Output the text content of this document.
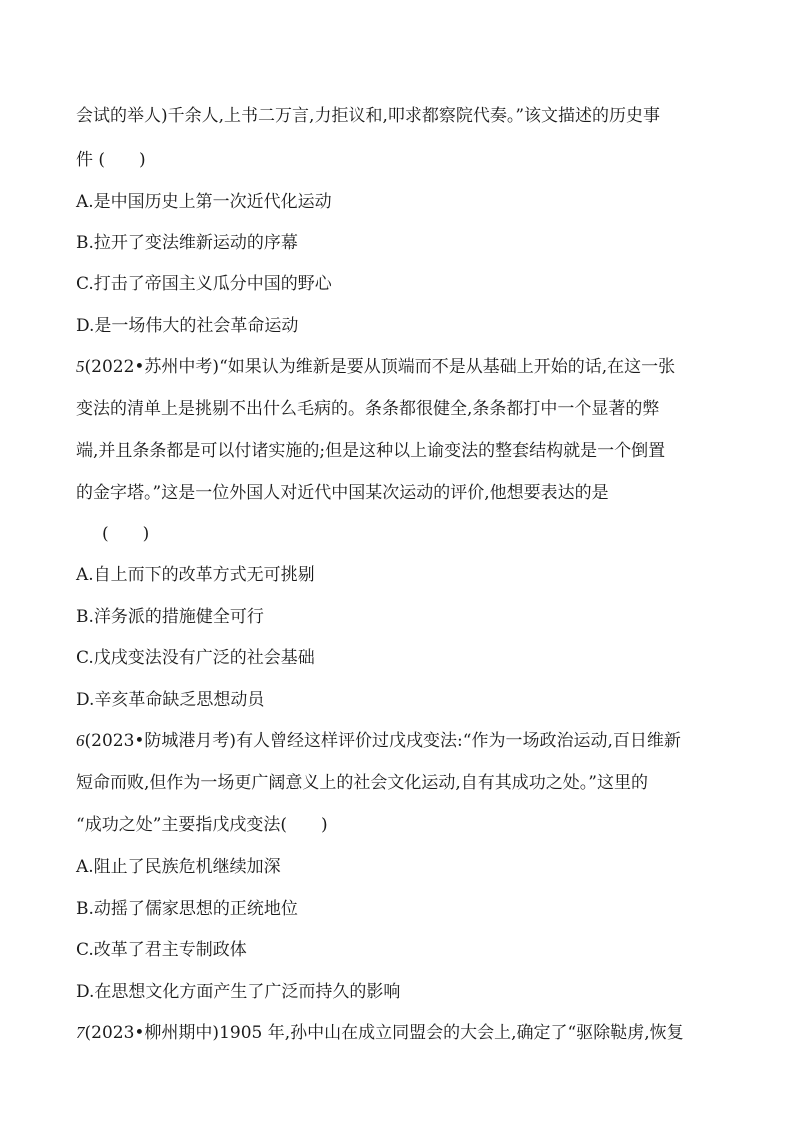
会试的举人)千余人,上书二万言,力拒议和,叩求都察院代奏。”该文描述的历史事
件 (　　)
A.是中国历史上第一次近代化运动
B.拉开了变法维新运动的序幕
C.打击了帝国主义瓜分中国的野心
D.是一场伟大的社会革命运动
5(2022•苏州中考)“如果认为维新是要从顶端而不是从基础上开始的话,在这一张
变法的清单上是挑剔不出什么毛病的。条条都很健全,条条都打中一个显著的弊
端,并且条条都是可以付诸实施的;但是这种以上谕变法的整套结构就是一个倒置
的金字塔。”这是一位外国人对近代中国某次运动的评价,他想要表达的是
(　　)
A.自上而下的改革方式无可挑剔
B.洋务派的措施健全可行
C.戊戌变法没有广泛的社会基础
D.辛亥革命缺乏思想动员
6(2023•防城港月考)有人曾经这样评价过戊戌变法:“作为一场政治运动,百日维新
短命而败,但作为一场更广阔意义上的社会文化运动,自有其成功之处。”这里的
“成功之处”主要指戊戌变法(　　)
A.阻止了民族危机继续加深
B.动摇了儒家思想的正统地位
C.改革了君主专制政体
D.在思想文化方面产生了广泛而持久的影响
7(2023•柳州期中)1905 年,孙中山在成立同盟会的大会上,确定了“驱除鞑虏,恢复
